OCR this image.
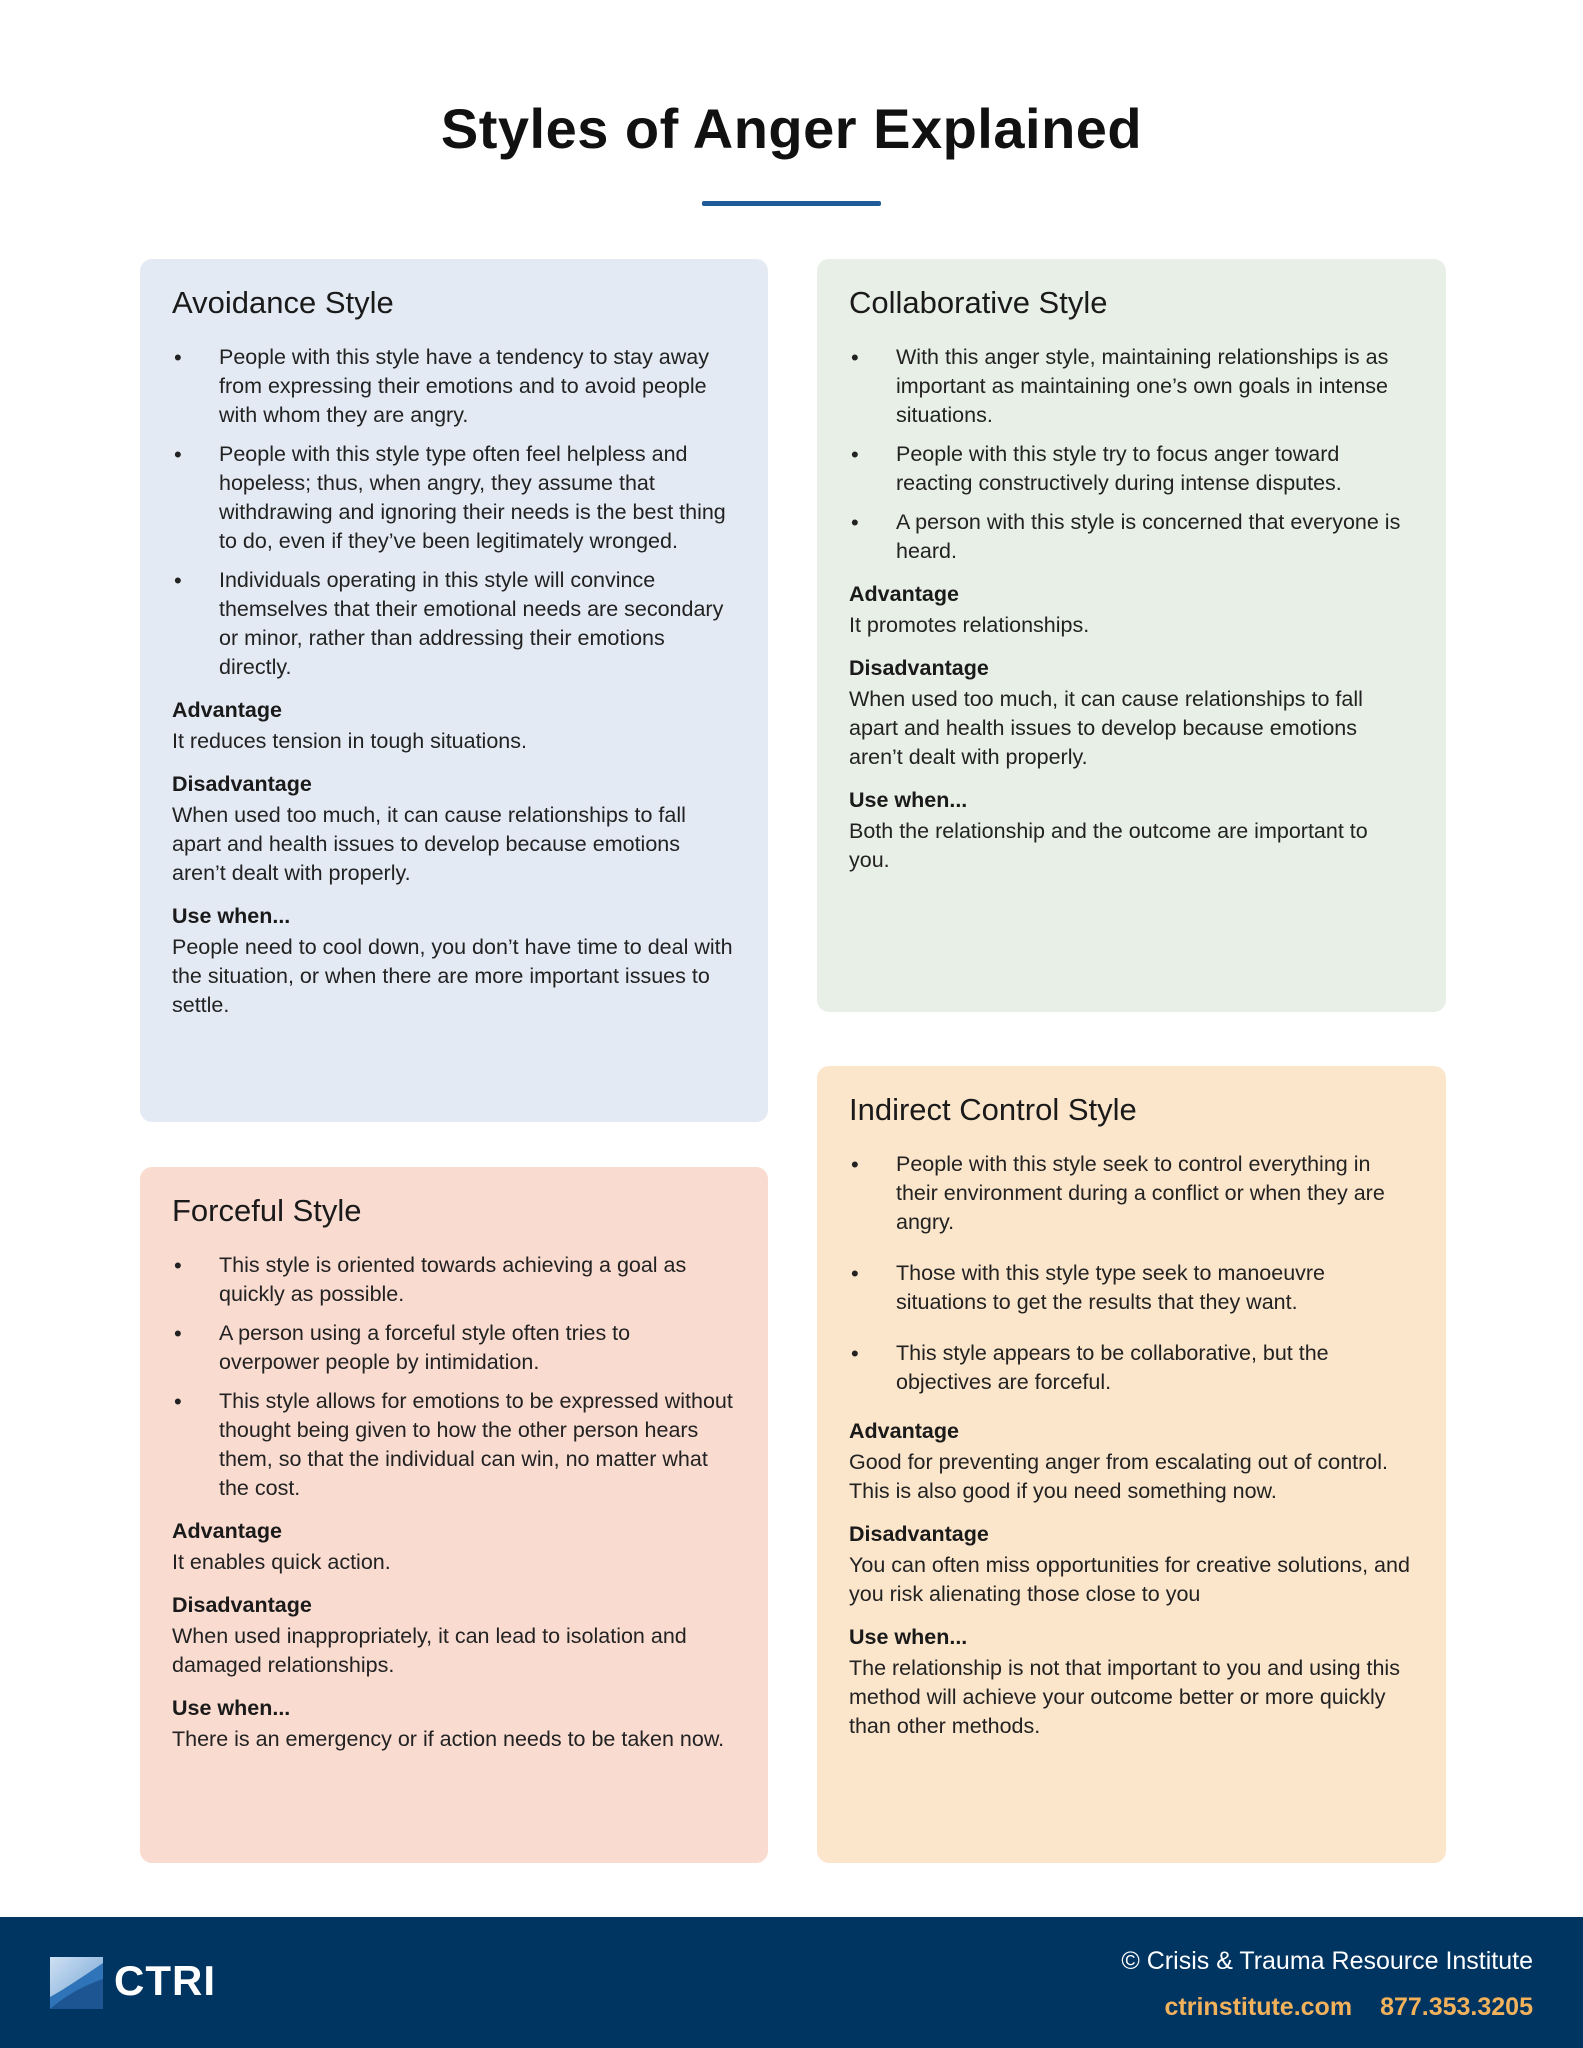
Styles of Anger Explained
Avoidance Style
• People with this style have a tendency to stay away from expressing their emotions and to avoid people with whom they are angry.
• People with this style type often feel helpless and hopeless; thus, when angry, they assume that withdrawing and ignoring their needs is the best thing to do, even if they’ve been legitimately wronged.
• Individuals operating in this style will convince themselves that their emotional needs are secondary or minor, rather than addressing their emotions directly.
Advantage

It reduces tension in tough situations.

Disadvantage

When used too much, it can cause relationships to fall apart and health issues to develop because emotions aren’t dealt with properly.

Use when...

People need to cool down, you don’t have time to deal with the situation, or when there are more important issues to settle.

Collaborative Style
• With this anger style, maintaining relationships is as important as maintaining one’s own goals in intense situations.
• People with this style try to focus anger toward reacting constructively during intense disputes.
• A person with this style is concerned that everyone is heard.
Advantage

It promotes relationships.

Disadvantage

When used too much, it can cause relationships to fall apart and health issues to develop because emotions aren’t dealt with properly.

Use when...

Both the relationship and the outcome are important to you.

Forceful Style
• This style is oriented towards achieving a goal as quickly as possible.
• A person using a forceful style often tries to overpower people by intimidation.
• This style allows for emotions to be expressed without thought being given to how the other person hears them, so that the individual can win, no matter what the cost.
Advantage

It enables quick action.

Disadvantage

When used inappropriately, it can lead to isolation and damaged relationships.

Use when...

There is an emergency or if action needs to be taken now.

Indirect Control Style
• People with this style seek to control everything in their environment during a conflict or when they are angry.
• Those with this style type seek to manoeuvre situations to get the results that they want.
• This style appears to be collaborative, but the objectives are forceful.
Advantage

Good for preventing anger from escalating out of control. This is also good if you need something now.

Disadvantage

You can often miss opportunities for creative solutions, and you risk alienating those close to you

Use when...

The relationship is not that important to you and using this method will achieve your outcome better or more quickly than other methods.

CTRI	© Crisis & Trauma Resource Institute
ctrinstitute.com 877.353.3205
